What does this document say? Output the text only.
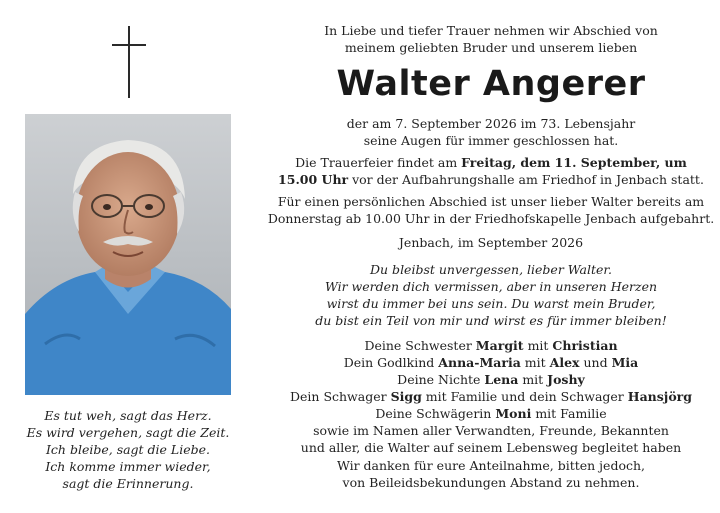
Es tut weh, sagt das Herz.
Es wird vergehen, sagt die Zeit.
Ich bleibe, sagt die Liebe.
Ich komme immer wieder,
sagt die Erinnerung.

In Liebe und tiefer Trauer nehmen wir Abschied von

meinem geliebten Bruder und unserem lieben

Walter Angerer

der am 7. September 2026 im 73. Lebensjahr

seine Augen für immer geschlossen hat.

Die Trauerfeier findet am Freitag, dem 11. September, um

15.00 Uhr vor der Aufbahrungshalle am Friedhof in Jenbach statt.

Für einen persönlichen Abschied ist unser lieber Walter bereits am

Donnerstag ab 10.00 Uhr in der Friedhofskapelle Jenbach aufgebahrt.

Jenbach, im September 2026

Du bleibst unvergessen, lieber Walter.

Wir werden dich vermissen, aber in unseren Herzen

wirst du immer bei uns sein. Du warst mein Bruder,

du bist ein Teil von mir und wirst es für immer bleiben!

Deine Schwester Margit mit Christian

Dein Godlkind Anna-Maria mit Alex und Mia

Deine Nichte Lena mit Joshy

Dein Schwager Sigg mit Familie und dein Schwager Hansjörg

Deine Schwägerin Moni mit Familie

sowie im Namen aller Verwandten, Freunde, Bekannten

und aller, die Walter auf seinem Lebensweg begleitet haben

Wir danken für eure Anteilnahme, bitten jedoch,

von Beileidsbekundungen Abstand zu nehmen.
